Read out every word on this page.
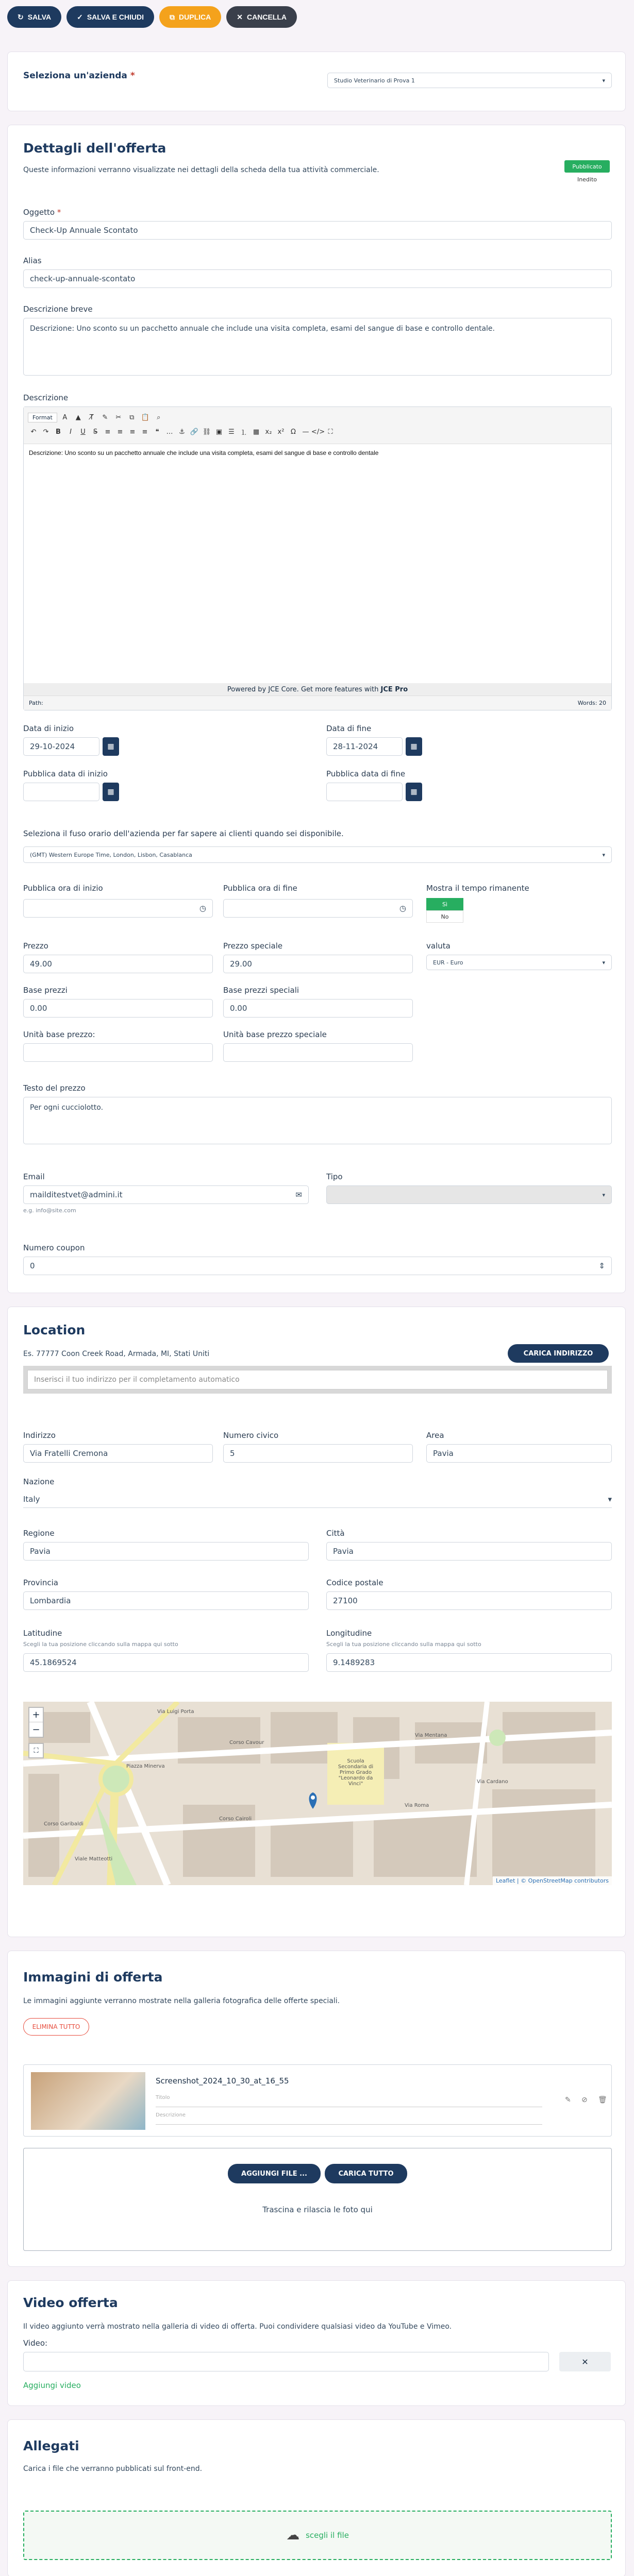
↻ SALVA	✓ SALVA E CHIUDI	⧉ DUPLICA	✕ CANCELLA
Seleziona un'azienda *	Studio Veterinario di Prova 1	▾
Dettagli dell'offerta
Queste informazioni verranno visualizzate nei dettagli della scheda della tua attività commerciale.	Pubblicato
Inedito
Oggetto *
Check-Up Annuale Scontato
Alias
check-up-annuale-scontato
Descrizione breve
Descrizione: Uno sconto su un pacchetto annuale che include una visita completa, esami del sangue di base e controllo dentale.
Descrizione
Format	A	▲	T̸	✎	✂	⧉	📋	⌕
↶	↷	B	I	U	S	≡	≡	≡	≡	❝	… ⚓ 🔗 ⛓ ▣ ☰ ⒈ ▦ x₂ x² Ω — </> ⛶
Descrizione: Uno sconto su un pacchetto annuale che include una visita completa, esami del sangue di base e controllo dentale
Powered by JCE Core. Get more features with JCE Pro
Path:	Words: 20
Data di inizio
29-10-2024	▦
Data di fine
28-11-2024	▦
Pubblica data di inizio
▦
Pubblica data di fine
▦
Seleziona il fuso orario dell'azienda per far sapere ai clienti quando sei disponibile.
(GMT) Western Europe Time, London, Lisbon, Casablanca	▾
Pubblica ora di inizio
◷
Pubblica ora di fine
◷
Mostra il tempo rimanente
Sì
No
Prezzo
49.00
Prezzo speciale
29.00
valuta
EUR - Euro	▾
Base prezzi
0.00
Base prezzi speciali
0.00
Unità base prezzo:	Unità base prezzo speciale
Testo del prezzo
Per ogni cucciolotto.
Email
mailditestvet@admini.it	✉
e.g. info@site.com
Tipo
▾
Numero coupon
0	⇕
Location
Es. 77777 Coon Creek Road, Armada, MI, Stati Uniti	CARICA INDIRIZZO
Inserisci il tuo indirizzo per il completamento automatico
Indirizzo
Via Fratelli Cremona
Numero civico
5
Area
Pavia
Nazione
Italy	▾
Regione
Pavia
Città
Pavia
Provincia
Lombardia
Codice postale
27100
Latitudine
Scegli la tua posizione cliccando sulla mappa qui sotto
45.1869524
Longitudine
Scegli la tua posizione cliccando sulla mappa qui sotto
9.1489283
+
−
⛶
Piazza Minerva
Scuola Secondaria di Primo Grado "Leonardo da Vinci"
Corso Cavour
Corso Cairoli
Via Mentana
Via Cardano
Via Roma
Corso Garibaldi
Via Luigi Porta
Viale Matteotti
Leaflet | © OpenStreetMap contributors
Immagini di offerta
Le immagini aggiunte verranno mostrate nella galleria fotografica delle offerte speciali.
ELIMINA TUTTO
Screenshot_2024_10_30_at_16_55
Titolo
Descrizione
✎ ⊘ 🗑
AGGIUNGI FILE ...	CARICA TUTTO
Trascina e rilascia le foto qui
Video offerta
Il video aggiunto verrà mostrato nella galleria di video di offerta. Puoi condividere qualsiasi video da YouTube e Vimeo.
Video:
✕
Aggiungi video
Allegati
Carica i file che verranno pubblicati sul front-end.
☁ scegli il file
